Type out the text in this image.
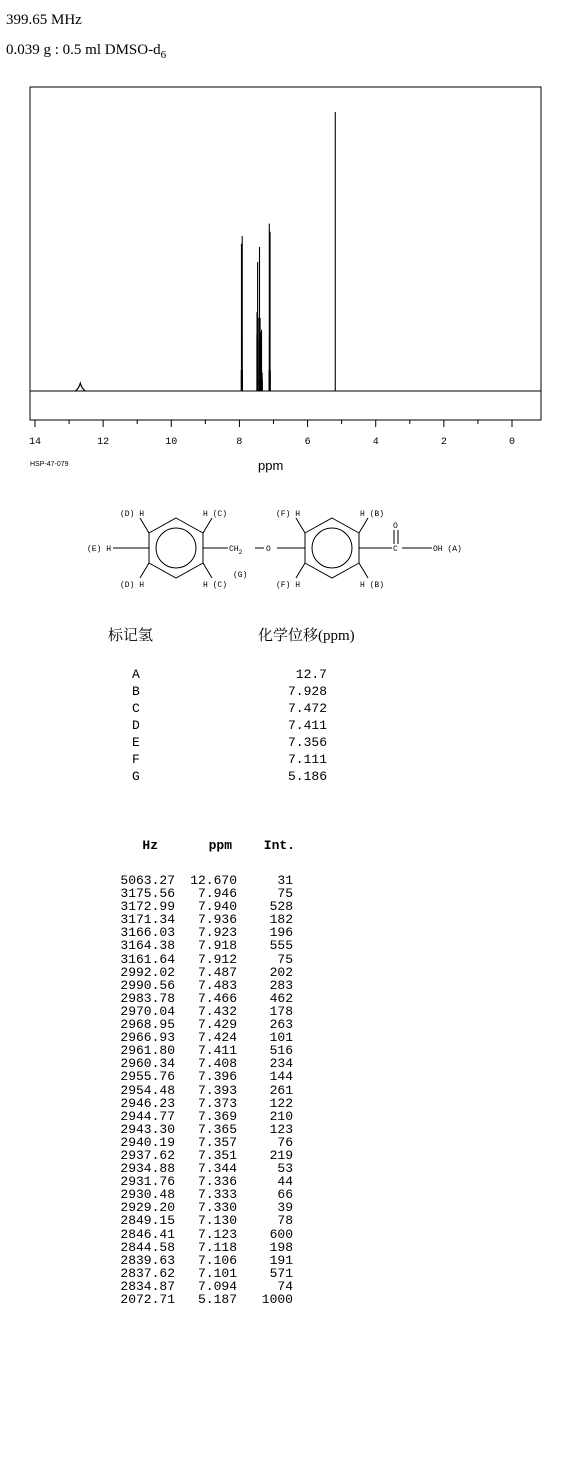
399.65 MHz
0.039 g : 0.5 ml DMSO-$d_6$
14	12	10	8	6	4	2	0
HSP-47-079	ppm
(D) H	H (C)	(F) H	H (B)
(E) H	$CH_2$	O
(G)
O
C	OH (A)
(D) H	H (C)	(F) H	H (B)
标记氢	化学位移(ppm)
A	12.7
B	7.928
C	7.472
D	7.411
E	7.356
F	7.111
G	5.186
Hz	ppm	Int.
5063.27	12.670	31
3175.56	7.946	75
3172.99	7.940	528
3171.34	7.936	182
3166.03	7.923	196
3164.38	7.918	555
3161.64	7.912	75
2992.02	7.487	202
2990.56	7.483	283
2983.78	7.466	462
2970.04	7.432	178
2968.95	7.429	263
2966.93	7.424	101
2961.80	7.411	516
2960.34	7.408	234
2955.76	7.396	144
2954.48	7.393	261
2946.23	7.373	122
2944.77	7.369	210
2943.30	7.365	123
2940.19	7.357	76
2937.62	7.351	219
2934.88	7.344	53
2931.76	7.336	44
2930.48	7.333	66
2929.20	7.330	39
2849.15	7.130	78
2846.41	7.123	600
2844.58	7.118	198
2839.63	7.106	191
2837.62	7.101	571
2834.87	7.094	74
2072.71	5.187	1000
